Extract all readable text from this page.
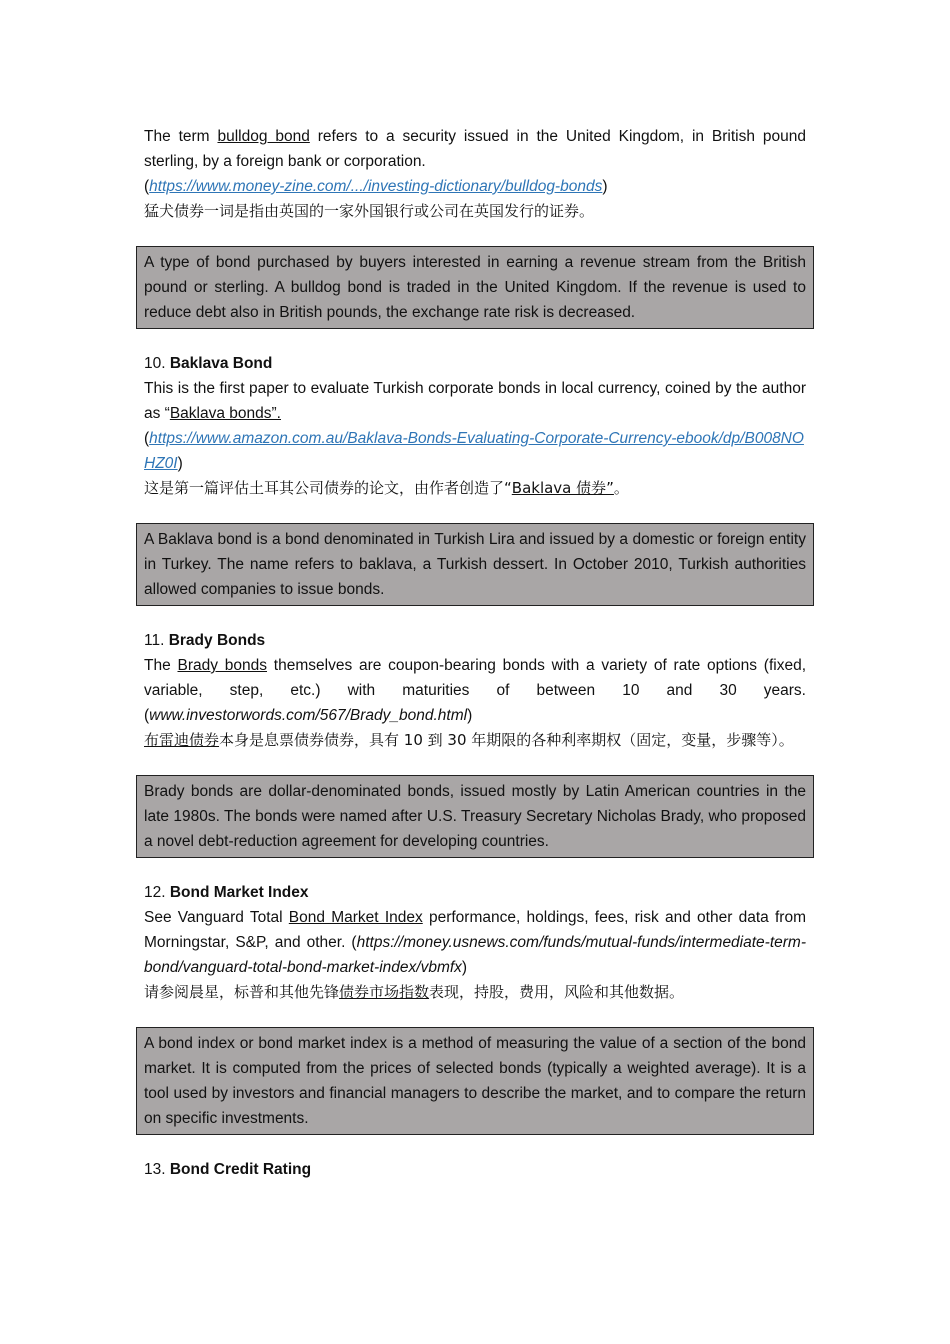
The term bulldog bond refers to a security issued in the United Kingdom, in British pound sterling, by a foreign bank or corporation.
(https://www.money-zine.com/.../investing-dictionary/bulldog-bonds)

猛犬债券一词是指由英国的一家外国银行或公司在英国发行的证券。

A type of bond purchased by buyers interested in earning a revenue stream from the British pound or sterling. A bulldog bond is traded in the United Kingdom. If the revenue is used to reduce debt also in British pounds, the exchange rate risk is decreased.

10. Baklava Bond

This is the first paper to evaluate Turkish corporate bonds in local currency, coined by the author as “Baklava bonds”.
(https://www.amazon.com.au/Baklava-Bonds-Evaluating-Corporate-Currency-ebook/dp/B008NOHZ0I)

这是第一篇评估土耳其公司债券的论文，由作者创造了“Baklava 债券”。

A Baklava bond is a bond denominated in Turkish Lira and issued by a domestic or foreign entity in Turkey. The name refers to baklava, a Turkish dessert. In October 2010, Turkish authorities allowed companies to issue bonds.

11. Brady Bonds

The Brady bonds themselves are coupon-bearing bonds with a variety of rate options (fixed, variable, step, etc.) with maturities of between 10 and 30 years. (www.investorwords.com/567/Brady_bond.html)

布雷迪债券本身是息票债券债券，具有 10 到 30 年期限的各种利率期权（固定，变量，步骤等）。

Brady bonds are dollar-denominated bonds, issued mostly by Latin American countries in the late 1980s. The bonds were named after U.S. Treasury Secretary Nicholas Brady, who proposed a novel debt-reduction agreement for developing countries.

12. Bond Market Index

See Vanguard Total Bond Market Index performance, holdings, fees, risk and other data from Morningstar, S&P, and other. (https://money.usnews.com/funds/mutual-funds/intermediate-term-bond/vanguard-total-bond-market-index/vbmfx)

请参阅晨星，标普和其他先锋债券市场指数表现，持股，费用，风险和其他数据。

A bond index or bond market index is a method of measuring the value of a section of the bond market. It is computed from the prices of selected bonds (typically a weighted average). It is a tool used by investors and financial managers to describe the market, and to compare the return on specific investments.

13. Bond Credit Rating
